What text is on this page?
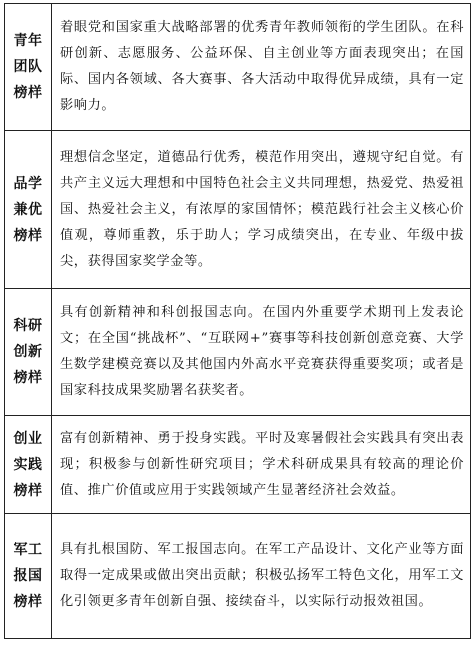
青年
团队
榜样	着眼党和国家重大战略部署的优秀青年教师领衔的学生团队。在科研创新、志愿服务、公益环保、自主创业等方面表现突出；在国际、国内各领域、各大赛事、各大活动中取得优异成绩，具有一定影响力。

品学
兼优
榜样	理想信念坚定，道德品行优秀，模范作用突出，遵规守纪自觉。有共产主义远大理想和中国特色社会主义共同理想，热爱党、热爱祖国、热爱社会主义，有浓厚的家国情怀；模范践行社会主义核心价值观，尊师重教，乐于助人；学习成绩突出，在专业、年级中拔尖，获得国家奖学金等。

科研
创新
榜样	具有创新精神和科创报国志向。在国内外重要学术期刊上发表论文；在全国“挑战杯”、“互联网+”赛事等科技创新创意竞赛、大学生数学建模竞赛以及其他国内外高水平竞赛获得重要奖项；或者是国家科技成果奖励署名获奖者。

创业
实践
榜样	富有创新精神、勇于投身实践。平时及寒暑假社会实践具有突出表现；积极参与创新性研究项目；学术科研成果具有较高的理论价值、推广价值或应用于实践领域产生显著经济社会效益。

军工
报国
榜样	具有扎根国防、军工报国志向。在军工产品设计、文化产业等方面取得一定成果或做出突出贡献；积极弘扬军工特色文化，用军工文化引领更多青年创新自强、接续奋斗，以实际行动报效祖国。
